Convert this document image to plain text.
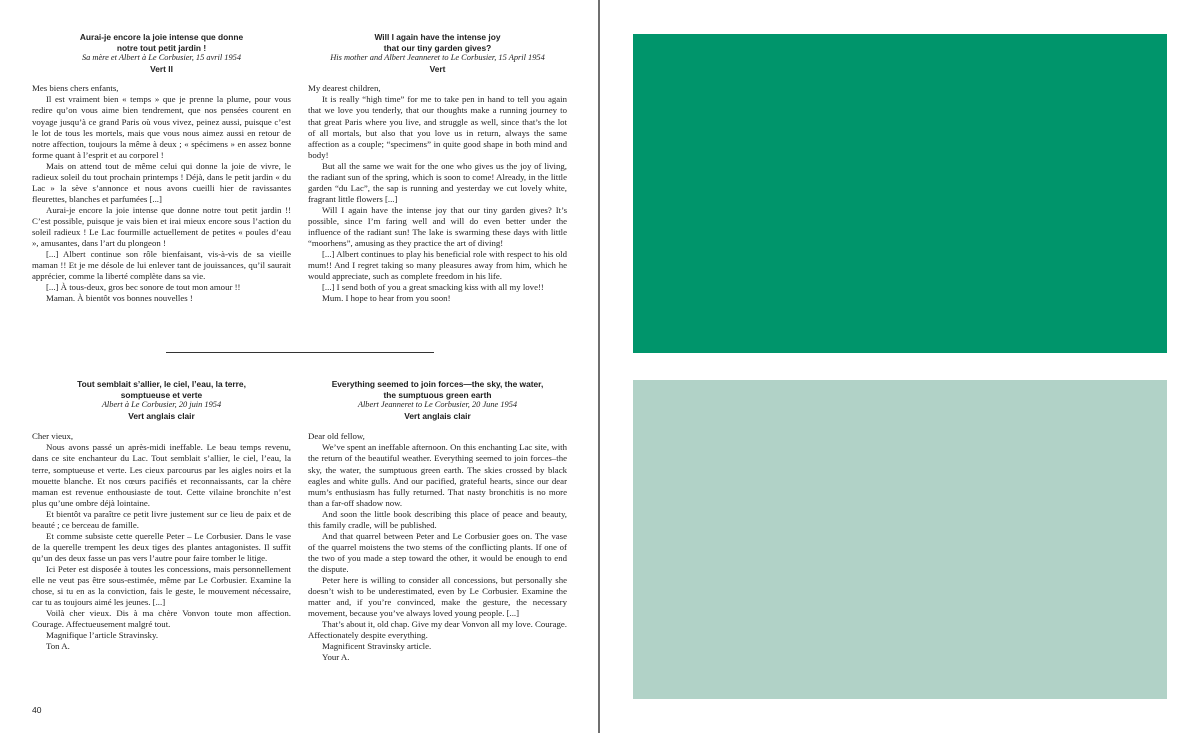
Aurai-je encore la joie intense que donne
notre tout petit jardin !
Sa mère et Albert à Le Corbusier, 15 avril 1954
Vert II

Mes biens chers enfants,

Il est vraiment bien « temps » que je prenne la plume, pour vous redire qu’on vous aime bien tendrement, que nos pensées courent en voyage jusqu’à ce grand Paris où vous vivez, peinez aussi, puisque c’est le lot de tous les mortels, mais que vous nous aimez aussi en retour de notre affection, toujours la même à deux ; « spécimens » en assez bonne forme quant à l’esprit et au corporel !

Mais on attend tout de même celui qui donne la joie de vivre, le radieux soleil du tout prochain printemps ! Déjà, dans le petit jardin « du Lac » la sève s’annonce et nous avons cueilli hier de ravissantes fleurettes, blanches et parfumées [...]

Aurai-je encore la joie intense que donne notre tout petit jardin !! C’est possible, puisque je vais bien et irai mieux encore sous l’action du soleil radieux ! Le Lac fourmille actuellement de petites « poules d’eau », amusantes, dans l’art du plongeon !

[...] Albert continue son rôle bienfaisant, vis-à-vis de sa vieille maman !! Et je me désole de lui enlever tant de jouissances, qu’il saurait apprécier, comme la liberté complète dans sa vie.

[...] À tous-deux, gros bec sonore de tout mon amour !!

Maman. À bientôt vos bonnes nouvelles !

Will I again have the intense joy
that our tiny garden gives?
His mother and Albert Jeanneret to Le Corbusier, 15 April 1954
Vert

My dearest children,

It is really “high time” for me to take pen in hand to tell you again that we love you tenderly, that our thoughts make a running journey to that great Paris where you live, and struggle as well, since that’s the lot of all mortals, but also that you love us in return, always the same affection as a couple; “specimens” in quite good shape in both mind and body!

But all the same we wait for the one who gives us the joy of living, the radiant sun of the spring, which is soon to come! Already, in the little garden “du Lac”, the sap is running and yesterday we cut lovely white, fragrant little flowers [...]

Will I again have the intense joy that our tiny garden gives? It’s possible, since I’m faring well and will do even better under the influence of the radiant sun! The lake is swarming these days with little “moorhens”, amusing as they practice the art of diving!

[...] Albert continues to play his beneficial role with respect to his old mum!! And I regret taking so many pleasures away from him, which he would appreciate, such as complete freedom in his life.

[...] I send both of you a great smacking kiss with all my love!!

Mum. I hope to hear from you soon!

Tout semblait s’allier, le ciel, l’eau, la terre,
somptueuse et verte
Albert à Le Corbusier, 20 juin 1954
Vert anglais clair

Cher vieux,

Nous avons passé un après-midi ineffable. Le beau temps revenu, dans ce site enchanteur du Lac. Tout semblait s’allier, le ciel, l’eau, la terre, somptueuse et verte. Les cieux parcourus par les aigles noirs et la mouette blanche. Et nos cœurs pacifiés et reconnaissants, car la chère maman est revenue enthousiaste de tout. Cette vilaine bronchite n’est plus qu’une ombre déjà lointaine.

Et bientôt va paraître ce petit livre justement sur ce lieu de paix et de beauté ; ce berceau de famille.

Et comme subsiste cette querelle Peter – Le Corbusier. Dans le vase de la querelle trempent les deux tiges des plantes antagonistes. Il suffit qu’un des deux fasse un pas vers l’autre pour faire tomber le litige.

Ici Peter est disposée à toutes les concessions, mais personnellement elle ne veut pas être sous-estimée, même par Le Corbusier. Examine la chose, si tu en as la conviction, fais le geste, le mouvement nécessaire, car tu as toujours aimé les jeunes. [...]

Voilà cher vieux. Dis à ma chère Vonvon toute mon affection. Courage. Affectueusement malgré tout.

Magnifique l’article Stravinsky.

Ton A.

Everything seemed to join forces—the sky, the water,
the sumptuous green earth
Albert Jeanneret to Le Corbusier, 20 June 1954
Vert anglais clair

Dear old fellow,

We’ve spent an ineffable afternoon. On this enchanting Lac site, with the return of the beautiful weather. Everything seemed to join forces–the sky, the water, the sumptuous green earth. The skies crossed by black eagles and white gulls. And our pacified, grateful hearts, since our dear mum’s enthusiasm has fully returned. That nasty bronchitis is no more than a far-off shadow now.

And soon the little book describing this place of peace and beauty, this family cradle, will be published.

And that quarrel between Peter and Le Corbusier goes on. The vase of the quarrel moistens the two stems of the conflicting plants. If one of the two of you made a step toward the other, it would be enough to end the dispute.

Peter here is willing to consider all concessions, but personally she doesn’t wish to be underestimated, even by Le Corbusier. Examine the matter and, if you’re convinced, make the gesture, the necessary movement, because you’ve always loved young people. [...]

That’s about it, old chap. Give my dear Vonvon all my love. Courage. Affectionately despite everything.

Magnificent Stravinsky article.

Your A.

40
